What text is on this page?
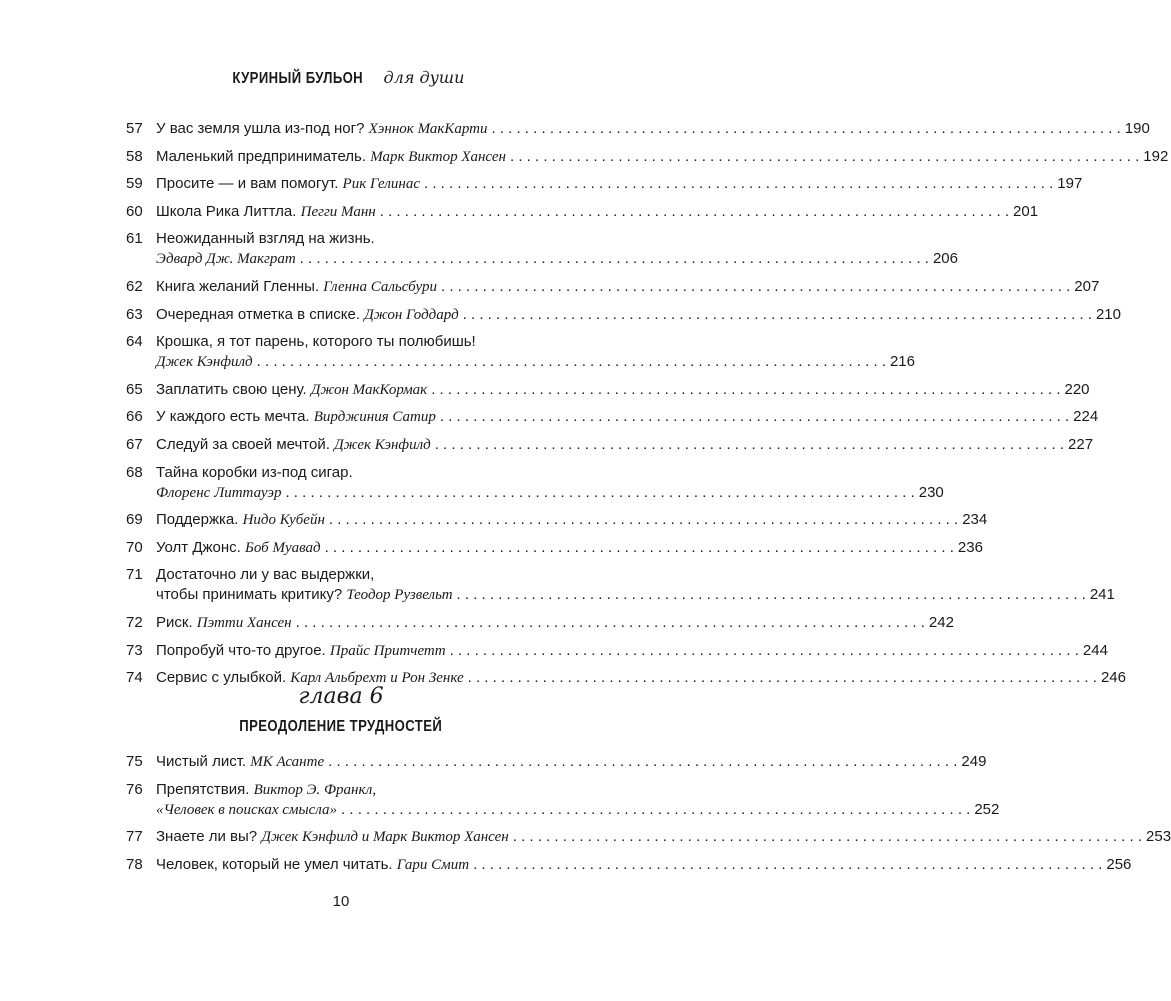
КУРИНЫЙ БУЛЬОН для души
57 У вас земля ушла из-под ног? Хэннок МакКарти . . .	190
58 Маленький предприниматель. Марк Виктор Хансен . . .	192
59 Просите — и вам помогут. Рик Гелинас . . .	197
60 Школа Рика Литтла. Пегги Манн . . .	201
61 Неожиданный взгляд на жизнь.
Эдвард Дж. Макграт . . .	206
62 Книга желаний Гленны. Гленна Сальсбури . . .	207
63 Очередная отметка в списке. Джон Годдард . . .	210
64 Крошка, я тот парень, которого ты полюбишь!
Джек Кэнфилд . . .	216
65 Заплатить свою цену. Джон МакКормак . . .	220
66 У каждого есть мечта. Вирджиния Сатир . . .	224
67 Следуй за своей мечтой. Джек Кэнфилд . . .	227
68 Тайна коробки из-под сигар.
Флоренс Литтауэр . . .	230
69 Поддержка. Нидо Кубейн . . .	234
70 Уолт Джонс. Боб Муавад . . .	236
71 Достаточно ли у вас выдержки,
чтобы принимать критику? Теодор Рузвельт . . .	241
72 Риск. Пэтти Хансен . . .	242
73 Попробуй что-то другое. Прайс Притчетт . . .	244
74 Сервис с улыбкой. Карл Альбрехт и Рон Зенке . . .	246
глава 6
ПРЕОДОЛЕНИЕ ТРУДНОСТЕЙ
75 Чистый лист. МК Асанте . . .	249
76 Препятствия. Виктор Э. Франкл,
«Человек в поисках смысла» . . .	252
77 Знаете ли вы? Джек Кэнфилд и Марк Виктор Хансен . . .	253
78 Человек, который не умел читать. Гари Смит . . .	256
10
